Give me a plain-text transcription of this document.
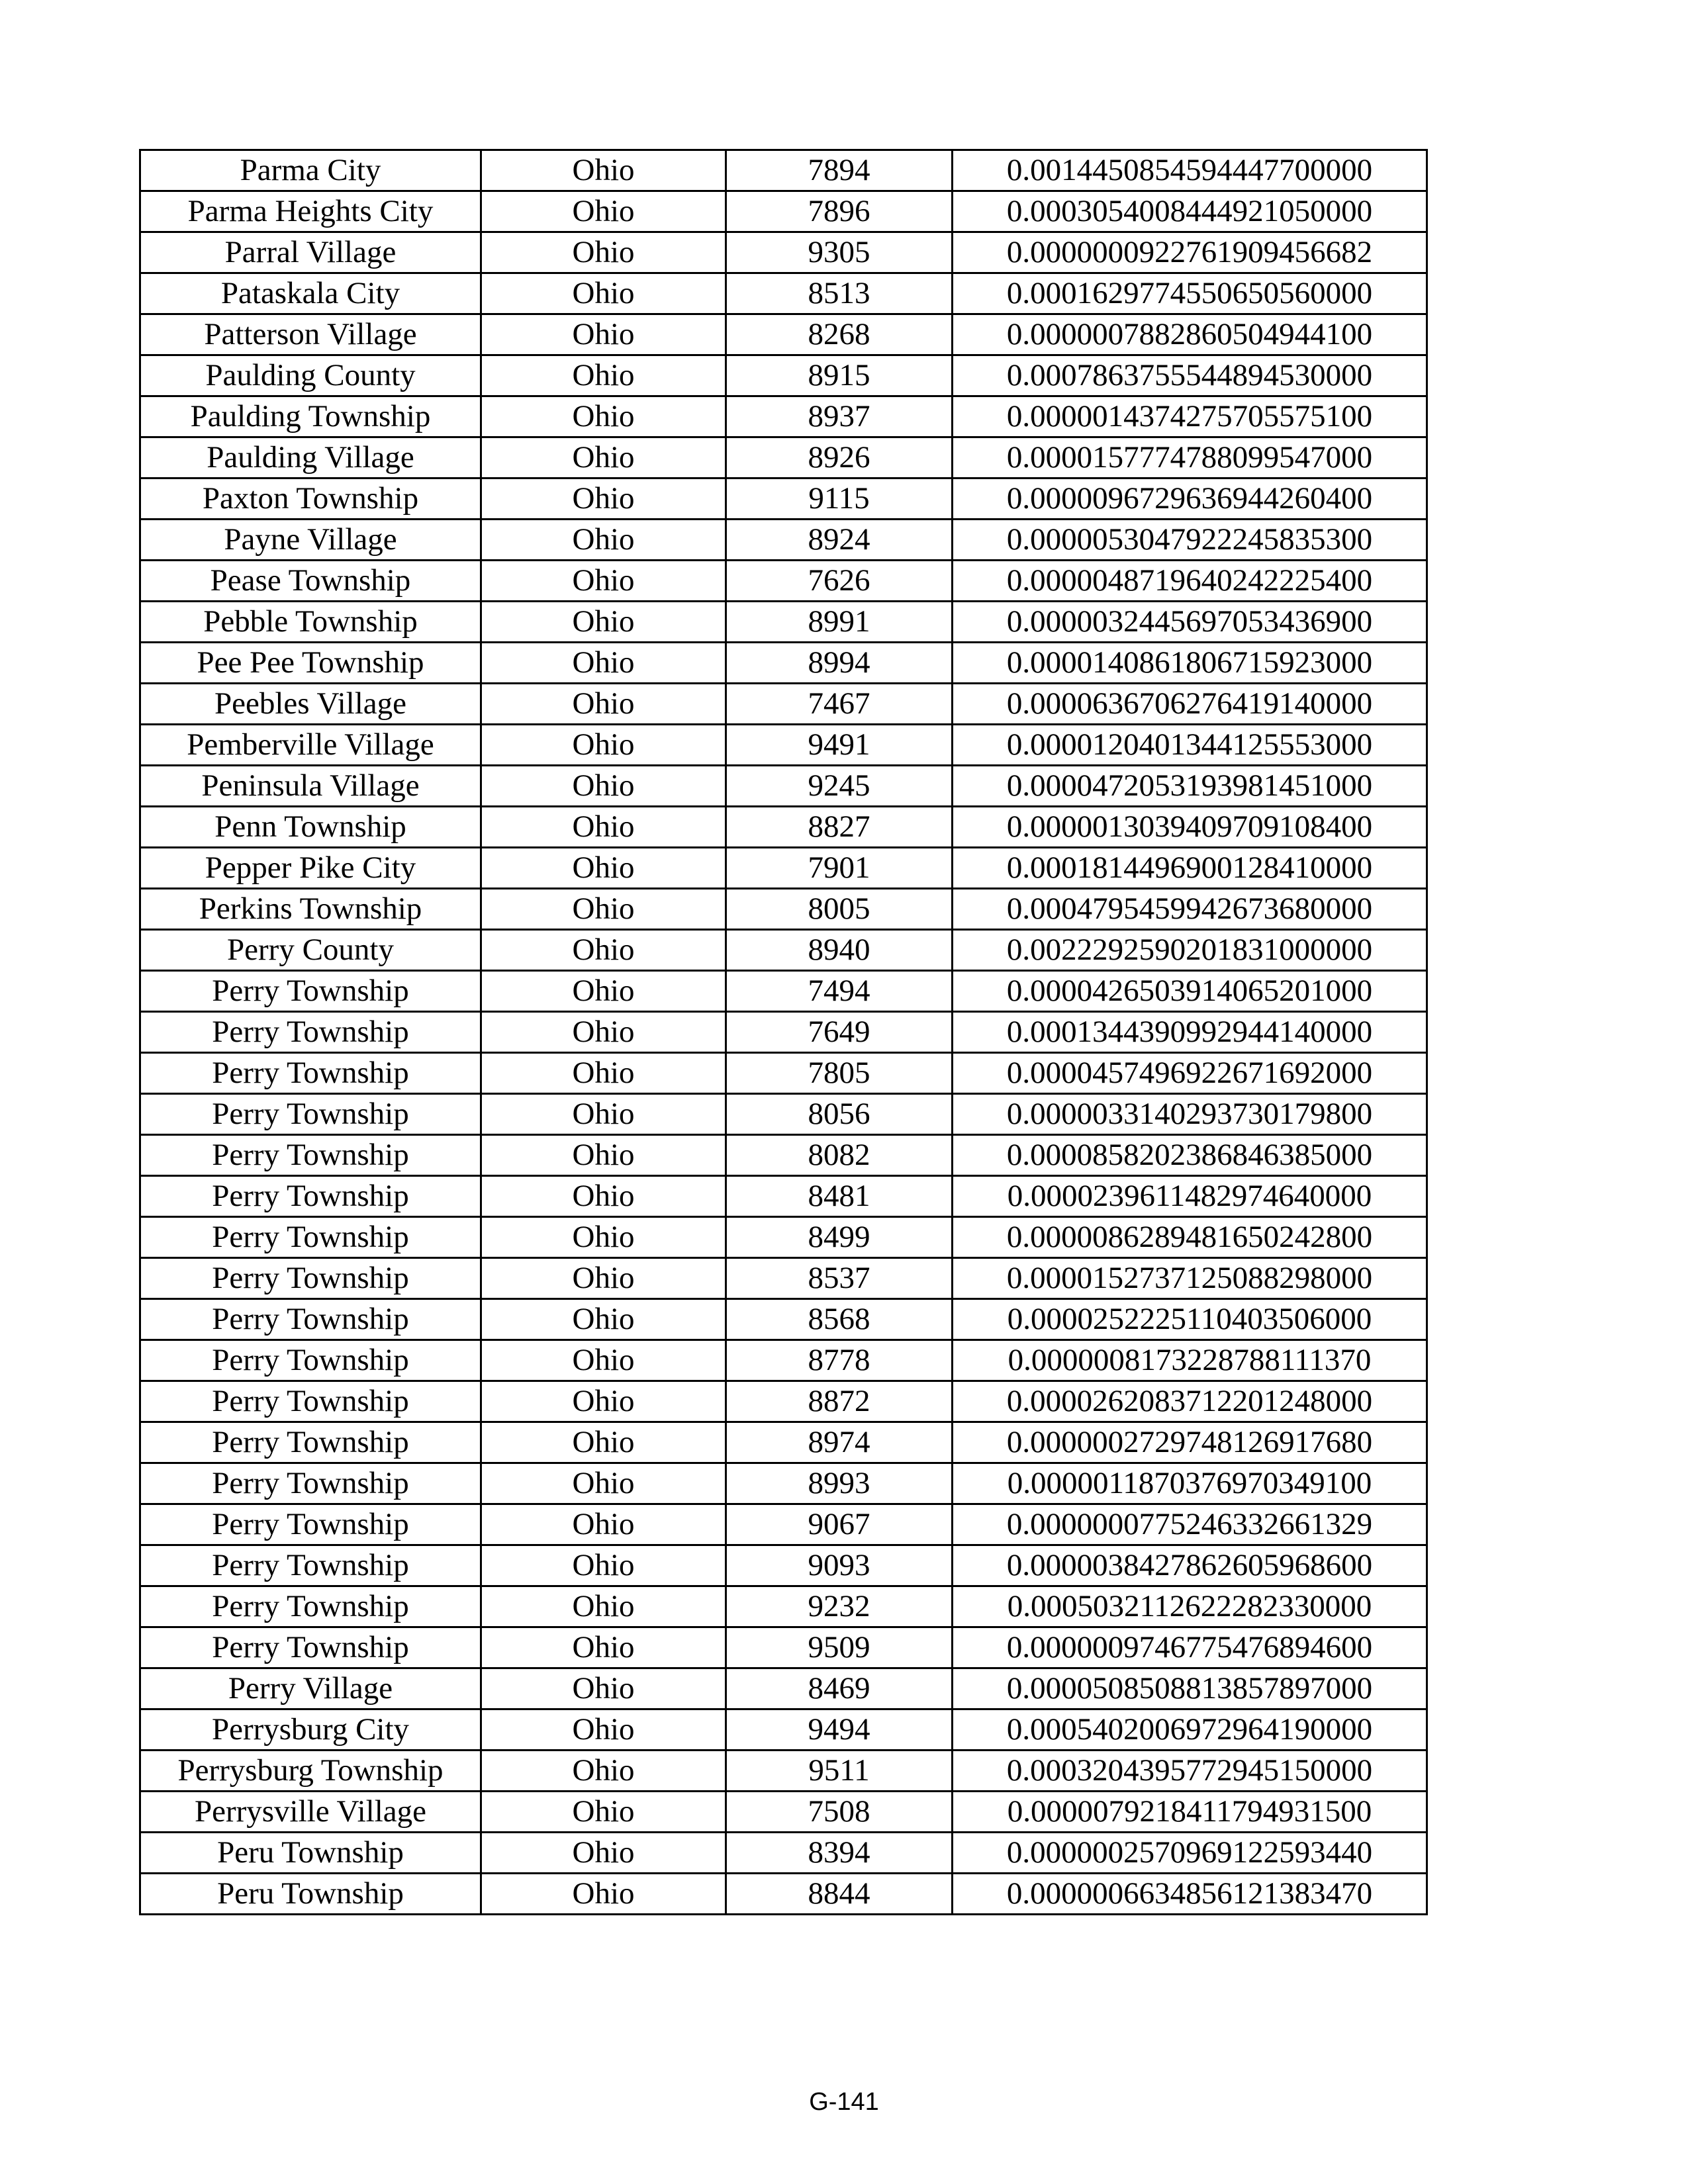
Parma City	Ohio	7894	0.0014450854594447700000
Parma Heights City	Ohio	7896	0.0003054008444921050000
Parral Village	Ohio	9305	0.0000000922761909456682
Pataskala City	Ohio	8513	0.0001629774550650560000
Patterson Village	Ohio	8268	0.0000007882860504944100
Paulding County	Ohio	8915	0.0007863755544894530000
Paulding Township	Ohio	8937	0.0000014374275705575100
Paulding Village	Ohio	8926	0.0000157774788099547000
Paxton Township	Ohio	9115	0.0000096729636944260400
Payne Village	Ohio	8924	0.0000053047922245835300
Pease Township	Ohio	7626	0.0000048719640242225400
Pebble Township	Ohio	8991	0.0000032445697053436900
Pee Pee Township	Ohio	8994	0.0000140861806715923000
Peebles Village	Ohio	7467	0.0000636706276419140000
Pemberville Village	Ohio	9491	0.0000120401344125553000
Peninsula Village	Ohio	9245	0.0000472053193981451000
Penn Township	Ohio	8827	0.0000013039409709108400
Pepper Pike City	Ohio	7901	0.0001814496900128410000
Perkins Township	Ohio	8005	0.0004795459942673680000
Perry County	Ohio	8940	0.0022292590201831000000
Perry Township	Ohio	7494	0.0000426503914065201000
Perry Township	Ohio	7649	0.0001344390992944140000
Perry Township	Ohio	7805	0.0000457496922671692000
Perry Township	Ohio	8056	0.0000033140293730179800
Perry Township	Ohio	8082	0.0000858202386846385000
Perry Township	Ohio	8481	0.0000239611482974640000
Perry Township	Ohio	8499	0.0000086289481650242800
Perry Township	Ohio	8537	0.0000152737125088298000
Perry Township	Ohio	8568	0.0000252225110403506000
Perry Township	Ohio	8778	0.0000008173228788111370
Perry Township	Ohio	8872	0.0000262083712201248000
Perry Township	Ohio	8974	0.0000002729748126917680
Perry Township	Ohio	8993	0.0000011870376970349100
Perry Township	Ohio	9067	0.0000000775246332661329
Perry Township	Ohio	9093	0.0000038427862605968600
Perry Township	Ohio	9232	0.0005032112622282330000
Perry Township	Ohio	9509	0.0000009746775476894600
Perry Village	Ohio	8469	0.0000508508813857897000
Perrysburg City	Ohio	9494	0.0005402006972964190000
Perrysburg Township	Ohio	9511	0.0003204395772945150000
Perrysville Village	Ohio	7508	0.0000079218411794931500
Peru Township	Ohio	8394	0.0000002570969122593440
Peru Township	Ohio	8844	0.0000006634856121383470
G-141
